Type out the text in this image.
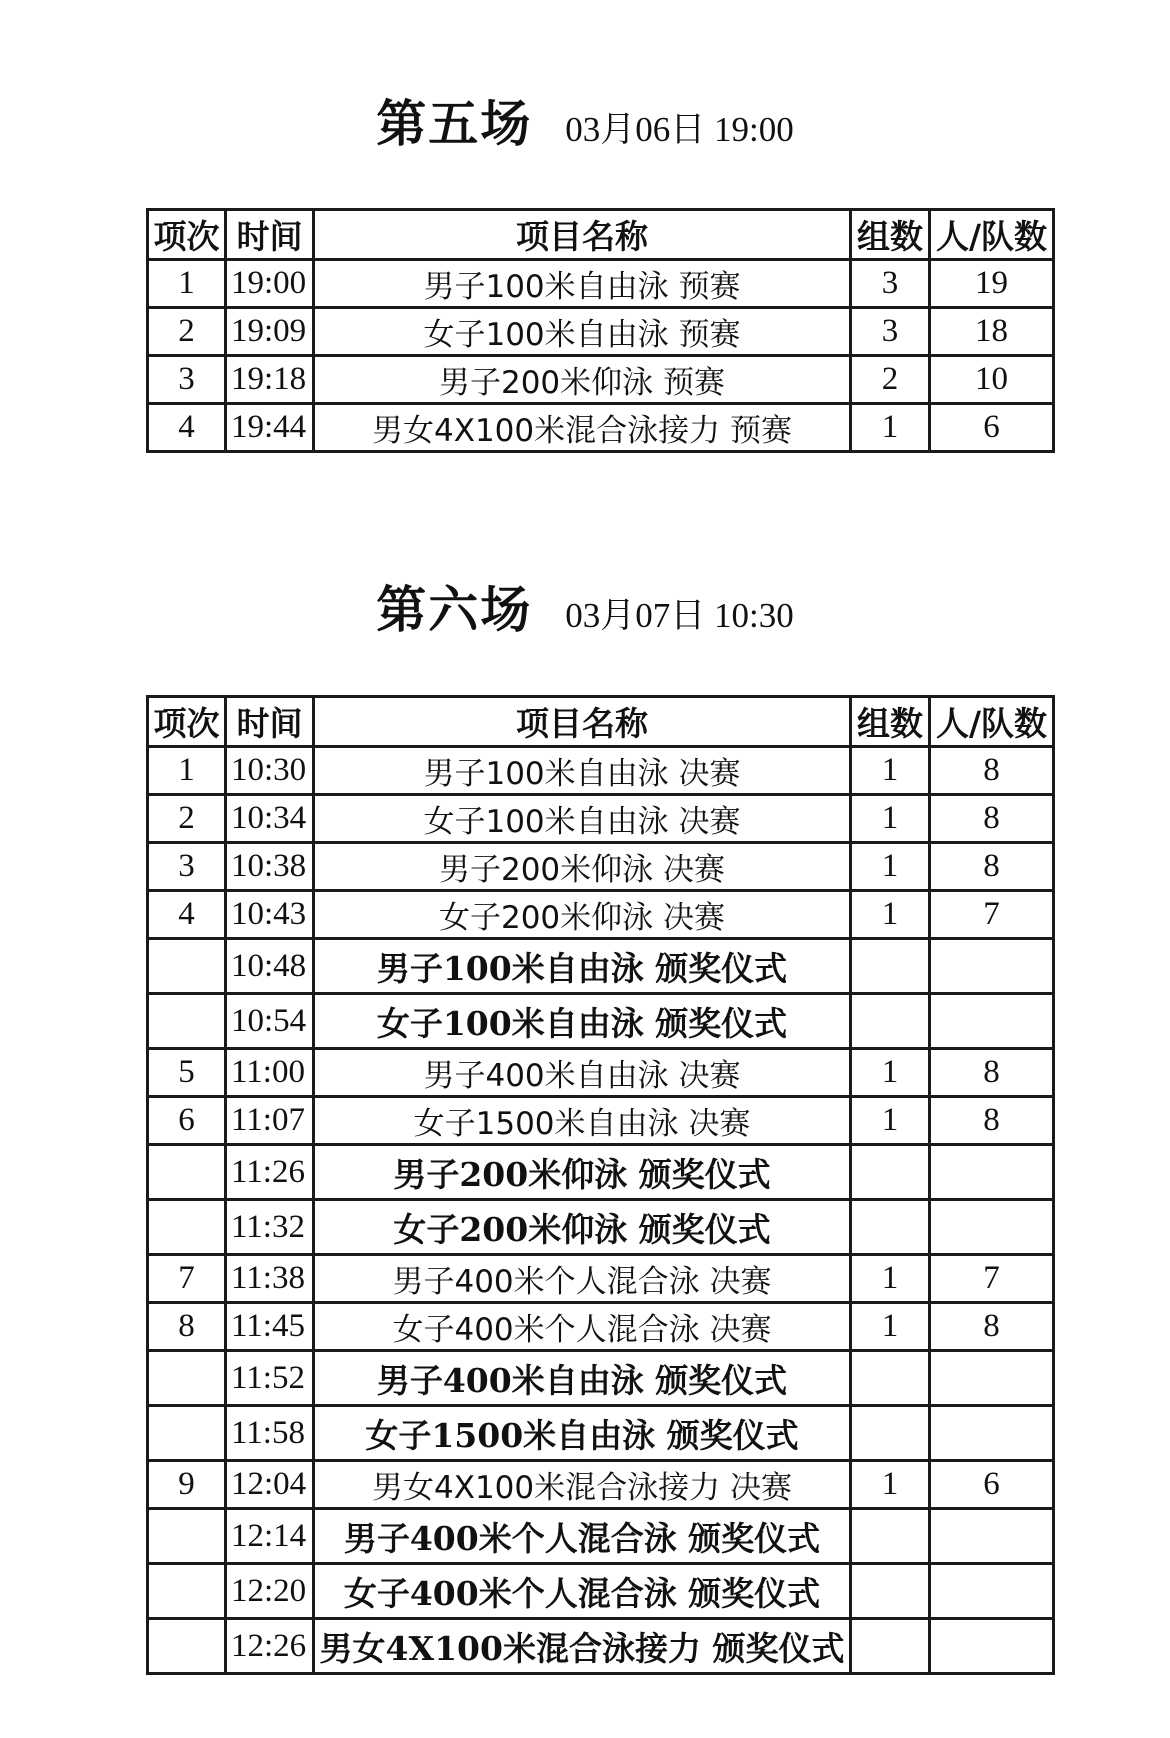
第五场 03月06日 19:00
项次	时间	项目名称	组数	人/队数
1	19:00	男子100米自由泳 预赛	3	19
2	19:09	女子100米自由泳 预赛	3	18
3	19:18	男子200米仰泳 预赛	2	10
4	19:44	男女4X100米混合泳接力 预赛	1	6
第六场 03月07日 10:30
项次	时间	项目名称	组数	人/队数
1	10:30	男子100米自由泳 决赛	1	8
2	10:34	女子100米自由泳 决赛	1	8
3	10:38	男子200米仰泳 决赛	1	8
4	10:43	女子200米仰泳 决赛	1	7
	10:48	男子100米自由泳 颁奖仪式		
	10:54	女子100米自由泳 颁奖仪式		
5	11:00	男子400米自由泳 决赛	1	8
6	11:07	女子1500米自由泳 决赛	1	8
	11:26	男子200米仰泳 颁奖仪式		
	11:32	女子200米仰泳 颁奖仪式		
7	11:38	男子400米个人混合泳 决赛	1	7
8	11:45	女子400米个人混合泳 决赛	1	8
	11:52	男子400米自由泳 颁奖仪式		
	11:58	女子1500米自由泳 颁奖仪式		
9	12:04	男女4X100米混合泳接力 决赛	1	6
	12:14	男子400米个人混合泳 颁奖仪式		
	12:20	女子400米个人混合泳 颁奖仪式		
	12:26	男女4X100米混合泳接力 颁奖仪式		
